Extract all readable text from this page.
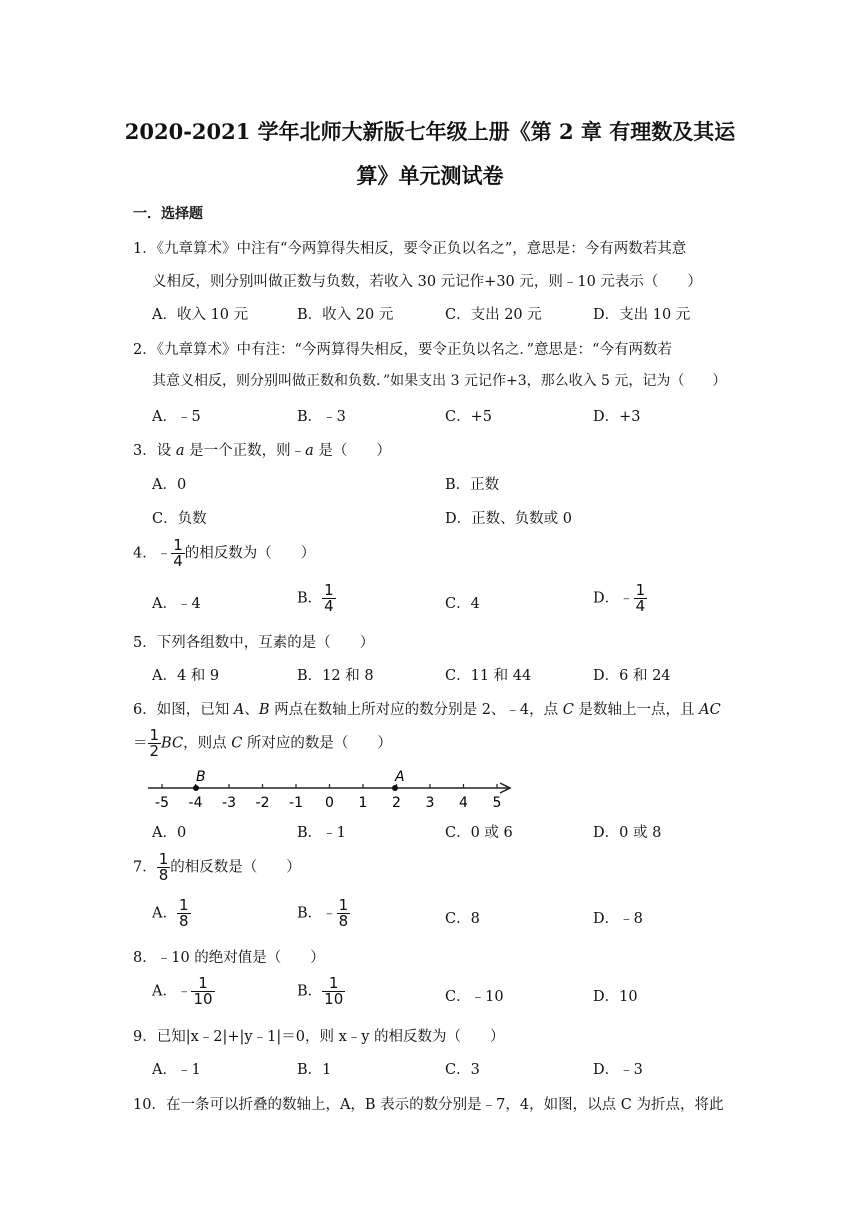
2020-2021 学年北师大新版七年级上册《第 2 章 有理数及其运
算》单元测试卷
一．选择题
1．《九章算术》中注有“今两算得失相反，要令正负以名之”，意思是：今有两数若其意
义相反，则分别叫做正数与负数，若收入 30 元记作+30 元，则﹣10 元表示（　　）
A．收入 10 元	B．收入 20 元	C．支出 20 元	D．支出 10 元
2．《九章算术》中有注：“今两算得失相反，要令正负以名之．”意思是：“今有两数若
其意义相反，则分别叫做正数和负数．”如果支出 3 元记作+3，那么收入 5 元，记为（　　）
A．﹣5	B．﹣3	C．+5	D．+3
3．设 a 是一个正数，则﹣a 是（　　）
A．0	B．正数
C．负数	D．正数、负数或 0
4．﹣ $\frac{1}{4}$ 的相反数为（　　）
A．﹣4	B． $\frac{1}{4}$	C．4	D．﹣ $\frac{1}{4}$
5．下列各组数中，互素的是（　　）
A．4 和 9	B．12 和 8	C．11 和 44	D．6 和 24
6．如图，已知 A、B 两点在数轴上所对应的数分别是 2、﹣4，点 C 是数轴上一点，且 AC
＝ $\frac{1}{2}$ BC，则点 C 所对应的数是（　　）
-5 -4 -3 -2 -1 0 1 2 3 4 5
B	A
A．0	B．﹣1	C．0 或 6	D．0 或 8
7． $\frac{1}{8}$ 的相反数是（　　）
A． $\frac{1}{8}$	B．﹣ $\frac{1}{8}$	C．8	D．﹣8
8．﹣10 的绝对值是（　　）
A．﹣ $\frac{1}{10}$	B． $\frac{1}{10}$	C．﹣10	D．10
9．已知|x﹣2|+|y﹣1|＝0，则 x﹣y 的相反数为（　　）
A．﹣1	B．1	C．3	D．﹣3
10．在一条可以折叠的数轴上，A，B 表示的数分别是﹣7，4，如图，以点 C 为折点，将此
